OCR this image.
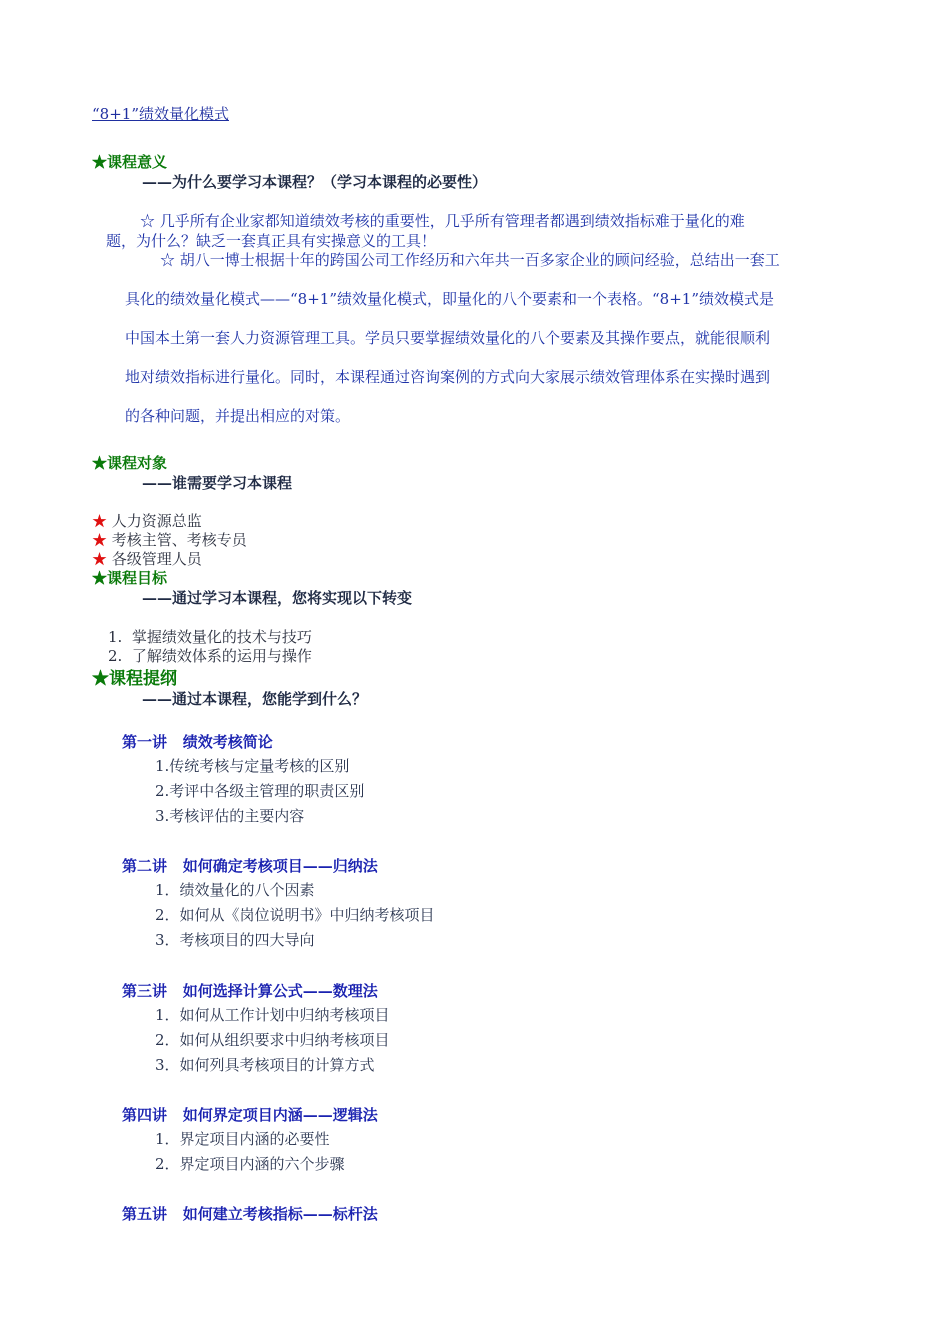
“8+1”绩效量化模式
★课程意义
——为什么要学习本课程？（学习本课程的必要性）
☆ 几乎所有企业家都知道绩效考核的重要性，几乎所有管理者都遇到绩效指标难于量化的难
题，为什么？缺乏一套真正具有实操意义的工具！
☆ 胡八一博士根据十年的跨国公司工作经历和六年共一百多家企业的顾问经验，总结出一套工
具化的绩效量化模式——“8+1”绩效量化模式，即量化的八个要素和一个表格。“8+1”绩效模式是
中国本土第一套人力资源管理工具。学员只要掌握绩效量化的八个要素及其操作要点，就能很顺利
地对绩效指标进行量化。同时，本课程通过咨询案例的方式向大家展示绩效管理体系在实操时遇到
的各种问题，并提出相应的对策。
★课程对象
——谁需要学习本课程
★ 人力资源总监
★ 考核主管、考核专员
★ 各级管理人员
★课程目标
——通过学习本课程，您将实现以下转变
1. 掌握绩效量化的技术与技巧
2. 了解绩效体系的运用与操作
★课程提纲
——通过本课程，您能学到什么？
第一讲 绩效考核简论
1.传统考核与定量考核的区别
2.考评中各级主管理的职责区别
3.考核评估的主要内容
第二讲 如何确定考核项目——归纳法
1．绩效量化的八个因素
2．如何从《岗位说明书》中归纳考核项目
3．考核项目的四大导向
第三讲 如何选择计算公式——数理法
1．如何从工作计划中归纳考核项目
2．如何从组织要求中归纳考核项目
3．如何列具考核项目的计算方式
第四讲 如何界定项目内涵——逻辑法
1．界定项目内涵的必要性
2．界定项目内涵的六个步骤
第五讲 如何建立考核指标——标杆法
